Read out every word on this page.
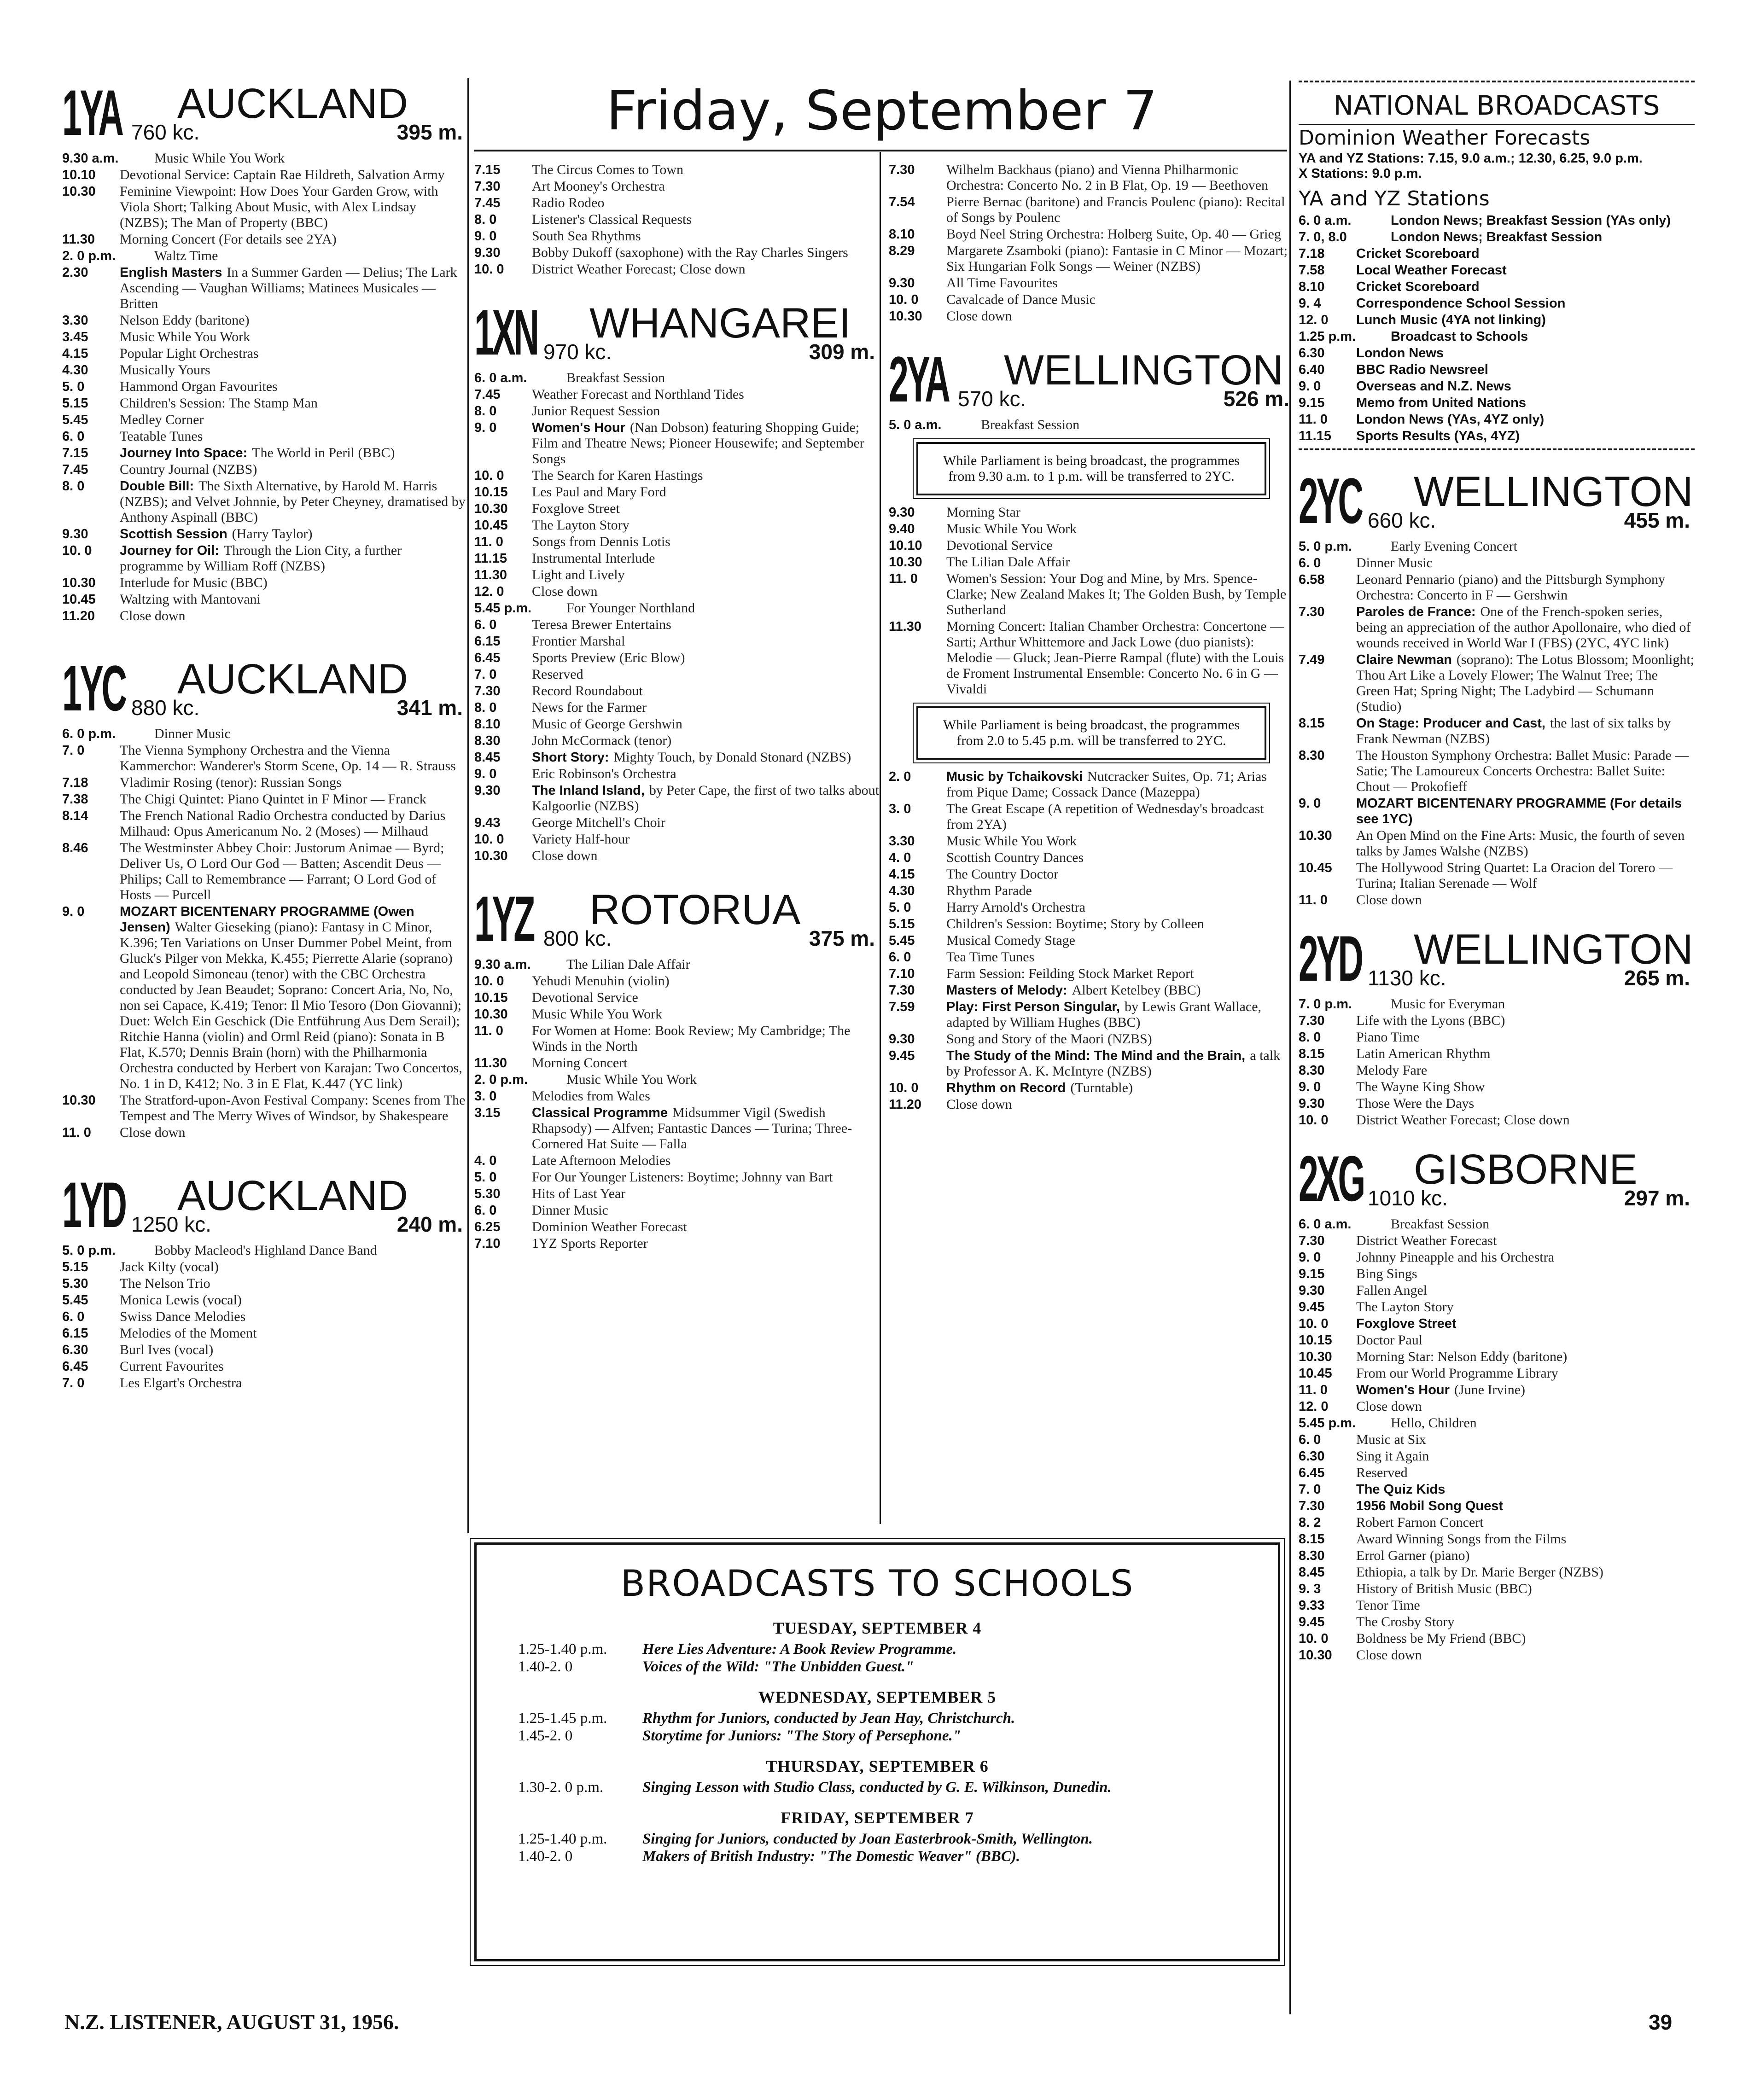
Friday, September 7
1YA AUCKLAND
760 kc.	395 m.
9.30 a.m.	Music While You Work
10.10 Devotional Service: Captain Rae Hildreth, Salvation Army
10.30 Feminine Viewpoint: How Does Your Garden Grow, with Viola Short; Talking About Music, with Alex Lindsay (NZBS); The Man of Property (BBC)
11.30 Morning Concert (For details see 2YA)
2. 0 p.m.	Waltz Time
2.30 English Masters In a Summer Garden — Delius; The Lark Ascending — Vaughan Williams; Matinees Musicales — Britten
3.30 Nelson Eddy (baritone)
3.45 Music While You Work
4.15 Popular Light Orchestras
4.30 Musically Yours
5. 0	Hammond Organ Favourites
5.15 Children's Session: The Stamp Man
5.45 Medley Corner
6. 0	Teatable Tunes
7.15 Journey Into Space: The World in Peril (BBC)
7.45 Country Journal (NZBS)
8. 0	Double Bill: The Sixth Alternative, by Harold M. Harris (NZBS); and Velvet Johnnie, by Peter Cheyney, dramatised by Anthony Aspinall (BBC)
9.30 Scottish Session (Harry Taylor)
10. 0 Journey for Oil: Through the Lion City, a further programme by William Roff (NZBS)
10.30 Interlude for Music (BBC)
10.45 Waltzing with Mantovani
11.20 Close down
1YC AUCKLAND
880 kc.	341 m.
6. 0 p.m.	Dinner Music
7. 0	The Vienna Symphony Orchestra and the Vienna Kammerchor: Wanderer's Storm Scene, Op. 14 — R. Strauss
7.18 Vladimir Rosing (tenor): Russian Songs
7.38 The Chigi Quintet: Piano Quintet in F Minor — Franck
8.14 The French National Radio Orchestra conducted by Darius Milhaud: Opus Americanum No. 2 (Moses) — Milhaud
8.46 The Westminster Abbey Choir: Justorum Animae — Byrd; Deliver Us, O Lord Our God — Batten; Ascendit Deus — Philips; Call to Remembrance — Farrant; O Lord God of Hosts — Purcell
9. 0	MOZART BICENTENARY PROGRAMME (Owen Jensen) Walter Gieseking (piano): Fantasy in C Minor, K.396; Ten Variations on Unser Dummer Pobel Meint, from Gluck's Pilger von Mekka, K.455; Pierrette Alarie (soprano) and Leopold Simoneau (tenor) with the CBC Orchestra conducted by Jean Beaudet; Soprano: Concert Aria, No, No, non sei Capace, K.419; Tenor: Il Mio Tesoro (Don Giovanni); Duet: Welch Ein Geschick (Die Entführung Aus Dem Serail); Ritchie Hanna (violin) and Orml Reid (piano): Sonata in B Flat, K.570; Dennis Brain (horn) with the Philharmonia Orchestra conducted by Herbert von Karajan: Two Concertos, No. 1 in D, K412; No. 3 in E Flat, K.447 (YC link)
10.30 The Stratford-upon-Avon Festival Company: Scenes from The Tempest and The Merry Wives of Windsor, by Shakespeare
11. 0 Close down
1YD AUCKLAND
1250 kc.	240 m.
5. 0 p.m.	Bobby Macleod's Highland Dance Band
5.15 Jack Kilty (vocal)
5.30 The Nelson Trio
5.45 Monica Lewis (vocal)
6. 0	Swiss Dance Melodies
6.15 Melodies of the Moment
6.30 Burl Ives (vocal)
6.45 Current Favourites
7. 0	Les Elgart's Orchestra
7.15 The Circus Comes to Town
7.30 Art Mooney's Orchestra
7.45 Radio Rodeo
8. 0	Listener's Classical Requests
9. 0	South Sea Rhythms
9.30 Bobby Dukoff (saxophone) with the Ray Charles Singers
10. 0 District Weather Forecast; Close down
1XN WHANGAREI
970 kc.	309 m.
6. 0 a.m.	Breakfast Session
7.45 Weather Forecast and Northland Tides
8. 0	Junior Request Session
9. 0	Women's Hour (Nan Dobson) featuring Shopping Guide; Film and Theatre News; Pioneer Housewife; and September Songs
10. 0 The Search for Karen Hastings
10.15 Les Paul and Mary Ford
10.30 Foxglove Street
10.45 The Layton Story
11. 0 Songs from Dennis Lotis
11.15 Instrumental Interlude
11.30 Light and Lively
12. 0 Close down
5.45 p.m.	For Younger Northland
6. 0	Teresa Brewer Entertains
6.15 Frontier Marshal
6.45 Sports Preview (Eric Blow)
7. 0	Reserved
7.30 Record Roundabout
8. 0	News for the Farmer
8.10 Music of George Gershwin
8.30 John McCormack (tenor)
8.45 Short Story: Mighty Touch, by Donald Stonard (NZBS)
9. 0	Eric Robinson's Orchestra
9.30 The Inland Island, by Peter Cape, the first of two talks about Kalgoorlie (NZBS)
9.43 George Mitchell's Choir
10. 0 Variety Half-hour
10.30 Close down
1YZ ROTORUA
800 kc.	375 m.
9.30 a.m.	The Lilian Dale Affair
10. 0 Yehudi Menuhin (violin)
10.15 Devotional Service
10.30 Music While You Work
11. 0 For Women at Home: Book Review; My Cambridge; The Winds in the North
11.30 Morning Concert
2. 0 p.m.	Music While You Work
3. 0	Melodies from Wales
3.15 Classical Programme Midsummer Vigil (Swedish Rhapsody) — Alfven; Fantastic Dances — Turina; Three-Cornered Hat Suite — Falla
4. 0	Late Afternoon Melodies
5. 0	For Our Younger Listeners: Boytime; Johnny van Bart
5.30 Hits of Last Year
6. 0	Dinner Music
6.25 Dominion Weather Forecast
7.10 1YZ Sports Reporter
7.30 Wilhelm Backhaus (piano) and Vienna Philharmonic Orchestra: Concerto No. 2 in B Flat, Op. 19 — Beethoven
7.54 Pierre Bernac (baritone) and Francis Poulenc (piano): Recital of Songs by Poulenc
8.10 Boyd Neel String Orchestra: Holberg Suite, Op. 40 — Grieg
8.29 Margarete Zsamboki (piano): Fantasie in C Minor — Mozart; Six Hungarian Folk Songs — Weiner (NZBS)
9.30 All Time Favourites
10. 0 Cavalcade of Dance Music
10.30 Close down
2YA WELLINGTON
570 kc.	526 m.
5. 0 a.m.	Breakfast Session
While Parliament is being broadcast, the programmes from 9.30 a.m. to 1 p.m. will be transferred to 2YC.
9.30 Morning Star
9.40 Music While You Work
10.10 Devotional Service
10.30 The Lilian Dale Affair
11. 0 Women's Session: Your Dog and Mine, by Mrs. Spence-Clarke; New Zealand Makes It; The Golden Bush, by Temple Sutherland
11.30 Morning Concert: Italian Chamber Orchestra: Concertone — Sarti; Arthur Whittemore and Jack Lowe (duo pianists): Melodie — Gluck; Jean-Pierre Rampal (flute) with the Louis de Froment Instrumental Ensemble: Concerto No. 6 in G — Vivaldi
While Parliament is being broadcast, the programmes from 2.0 to 5.45 p.m. will be transferred to 2YC.
2. 0	Music by Tchaikovski Nutcracker Suites, Op. 71; Arias from Pique Dame; Cossack Dance (Mazeppa)
3. 0	The Great Escape (A repetition of Wednesday's broadcast from 2YA)
3.30 Music While You Work
4. 0	Scottish Country Dances
4.15 The Country Doctor
4.30 Rhythm Parade
5. 0	Harry Arnold's Orchestra
5.15 Children's Session: Boytime; Story by Colleen
5.45 Musical Comedy Stage
6. 0	Tea Time Tunes
7.10 Farm Session: Feilding Stock Market Report
7.30 Masters of Melody: Albert Ketelbey (BBC)
7.59 Play: First Person Singular, by Lewis Grant Wallace, adapted by William Hughes (BBC)
9.30 Song and Story of the Maori (NZBS)
9.45 The Study of the Mind: The Mind and the Brain, a talk by Professor A. K. McIntyre (NZBS)
10. 0 Rhythm on Record (Turntable)
11.20 Close down
NATIONAL BROADCASTS
Dominion Weather Forecasts
YA and YZ Stations: 7.15, 9.0 a.m.; 12.30, 6.25, 9.0 p.m.
X Stations: 9.0 p.m.
YA and YZ Stations
6. 0 a.m.	London News; Breakfast Session (YAs only)
7. 0, 8.0	London News; Breakfast Session
7.18 Cricket Scoreboard
7.58 Local Weather Forecast
8.10 Cricket Scoreboard
9. 4	Correspondence School Session
12. 0 Lunch Music (4YA not linking)
1.25 p.m.	Broadcast to Schools
6.30 London News
6.40 BBC Radio Newsreel
9. 0	Overseas and N.Z. News
9.15 Memo from United Nations
11. 0 London News (YAs, 4YZ only)
11.15 Sports Results (YAs, 4YZ)
2YC WELLINGTON
660 kc.	455 m.
5. 0 p.m.	Early Evening Concert
6. 0	Dinner Music
6.58 Leonard Pennario (piano) and the Pittsburgh Symphony Orchestra: Concerto in F — Gershwin
7.30 Paroles de France: One of the French-spoken series, being an appreciation of the author Apollonaire, who died of wounds received in World War I (FBS) (2YC, 4YC link)
7.49 Claire Newman (soprano): The Lotus Blossom; Moonlight; Thou Art Like a Lovely Flower; The Walnut Tree; The Green Hat; Spring Night; The Ladybird — Schumann (Studio)
8.15 On Stage: Producer and Cast, the last of six talks by Frank Newman (NZBS)
8.30 The Houston Symphony Orchestra: Ballet Music: Parade — Satie; The Lamoureux Concerts Orchestra: Ballet Suite: Chout — Prokofieff
9. 0	MOZART BICENTENARY PROGRAMME (For details see 1YC)
10.30 An Open Mind on the Fine Arts: Music, the fourth of seven talks by James Walshe (NZBS)
10.45 The Hollywood String Quartet: La Oracion del Torero — Turina; Italian Serenade — Wolf
11. 0 Close down
2YD WELLINGTON
1130 kc.	265 m.
7. 0 p.m.	Music for Everyman
7.30 Life with the Lyons (BBC)
8. 0	Piano Time
8.15 Latin American Rhythm
8.30 Melody Fare
9. 0	The Wayne King Show
9.30 Those Were the Days
10. 0 District Weather Forecast; Close down
2XG GISBORNE
1010 kc.	297 m.
6. 0 a.m.	Breakfast Session
7.30 District Weather Forecast
9. 0	Johnny Pineapple and his Orchestra
9.15 Bing Sings
9.30 Fallen Angel
9.45 The Layton Story
10. 0 Foxglove Street
10.15 Doctor Paul
10.30 Morning Star: Nelson Eddy (baritone)
10.45 From our World Programme Library
11. 0 Women's Hour (June Irvine)
12. 0 Close down
5.45 p.m.	Hello, Children
6. 0	Music at Six
6.30 Sing it Again
6.45 Reserved
7. 0	The Quiz Kids
7.30 1956 Mobil Song Quest
8. 2	Robert Farnon Concert
8.15 Award Winning Songs from the Films
8.30 Errol Garner (piano)
8.45 Ethiopia, a talk by Dr. Marie Berger (NZBS)
9. 3	History of British Music (BBC)
9.33 Tenor Time
9.45 The Crosby Story
10. 0 Boldness be My Friend (BBC)
10.30 Close down
BROADCASTS TO SCHOOLS
TUESDAY, SEPTEMBER 4
1.25-1.40 p.m. Here Lies Adventure: A Book Review Programme.
1.40-2. 0	Voices of the Wild: "The Unbidden Guest."
WEDNESDAY, SEPTEMBER 5
1.25-1.45 p.m. Rhythm for Juniors, conducted by Jean Hay, Christchurch.
1.45-2. 0	Storytime for Juniors: "The Story of Persephone."
THURSDAY, SEPTEMBER 6
1.30-2. 0 p.m.	Singing Lesson with Studio Class, conducted by G. E. Wilkinson, Dunedin.
FRIDAY, SEPTEMBER 7
1.25-1.40 p.m. Singing for Juniors, conducted by Joan Easterbrook-Smith, Wellington.
1.40-2. 0	Makers of British Industry: "The Domestic Weaver" (BBC).
N.Z. LISTENER, AUGUST 31, 1956.	39
